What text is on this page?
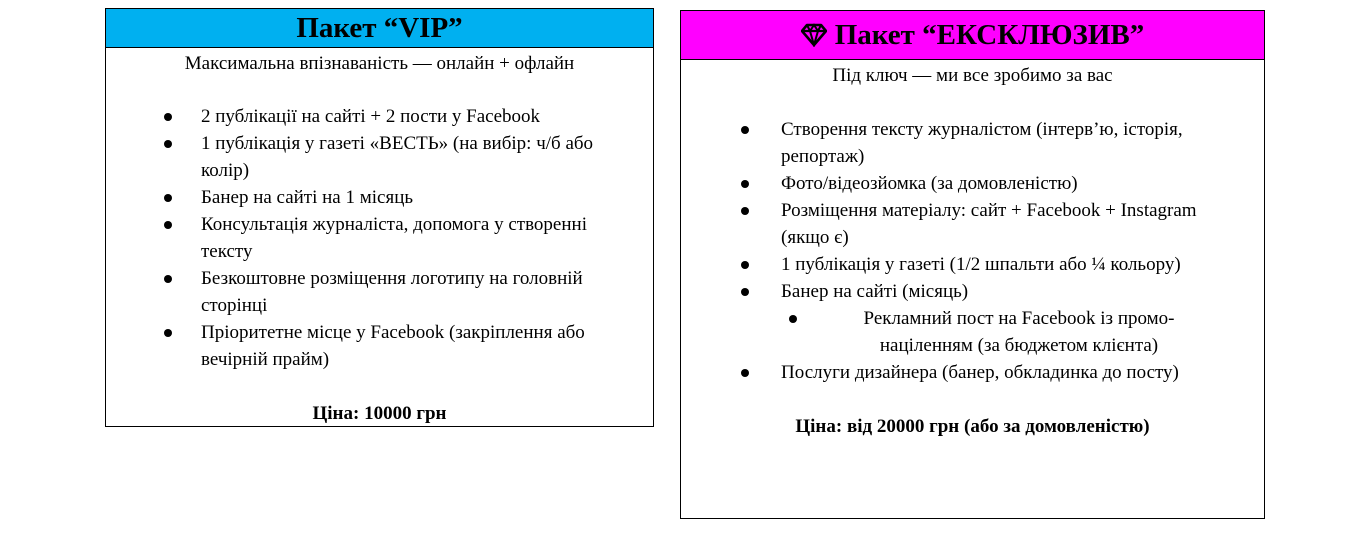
Пакет “VIP”
Максимальна впізнаваність — онлайн + офлайн
2 публікації на сайті + 2 пости у Facebook
1 публікація у газеті «ВЕСТЬ» (на вибір: ч/б або колір)
Банер на сайті на 1 місяць
Консультація журналіста, допомога у створенні тексту
Безкоштовне розміщення логотипу на головній сторінці
Пріоритетне місце у Facebook (закріплення або вечірній прайм)
Ціна: 10000 грн
Пакет “ЕКСКЛЮЗИВ”
Під ключ — ми все зробимо за вас
Створення тексту журналістом (інтерв’ю, історія, репортаж)
Фото/відеозйомка (за домовленістю)
Розміщення матеріалу: сайт + Facebook + Instagram (якщо є)
1 публікація у газеті (1/2 шпальти або ¼ кольору)
Банер на сайті (місяць)
Рекламний пост на Facebook із промо-націленням (за бюджетом клієнта)
Послуги дизайнера (банер, обкладинка до посту)
Ціна: від 20000 грн (або за домовленістю)
